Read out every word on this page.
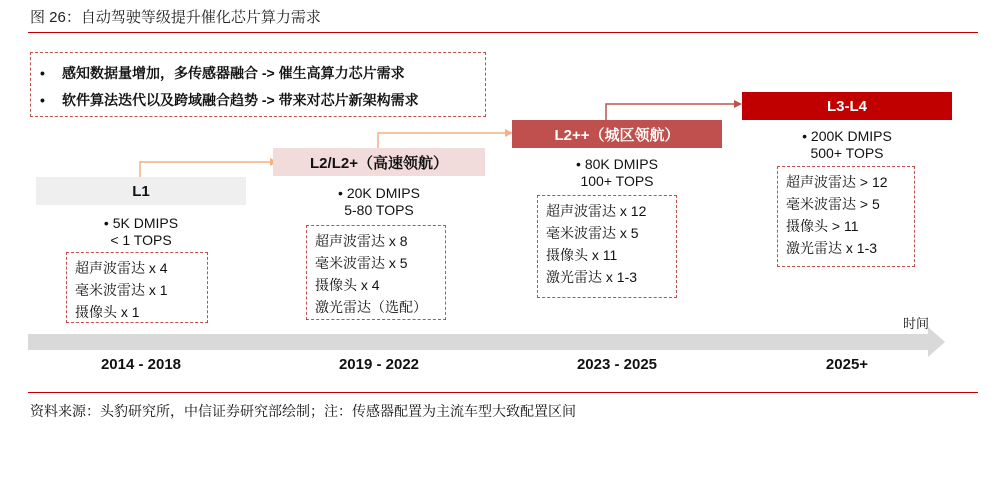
图 26：自动驾驶等级提升催化芯片算力需求
• 感知数据量增加，多传感器融合 -> 催生高算力芯片需求
• 软件算法迭代以及跨域融合趋势 -> 带来对芯片新架构需求
L1
• 5K DMIPS
< 1 TOPS
超声波雷达 x 4
毫米波雷达 x 1
摄像头 x 1
L2/L2+（高速领航）
• 20K DMIPS
5-80 TOPS
超声波雷达 x 8
毫米波雷达 x 5
摄像头 x 4
激光雷达（选配）
L2++（城区领航）
• 80K DMIPS
100+ TOPS
超声波雷达 x 12
毫米波雷达 x 5
摄像头 x 11
激光雷达 x 1-3
L3-L4
• 200K DMIPS
500+ TOPS
超声波雷达 > 12
毫米波雷达 > 5
摄像头 > 11
激光雷达 x 1-3
时间
2014 - 2018	2019 - 2022	2023 - 2025	2025+
资料来源：头豹研究所，中信证券研究部绘制；注：传感器配置为主流车型大致配置区间
